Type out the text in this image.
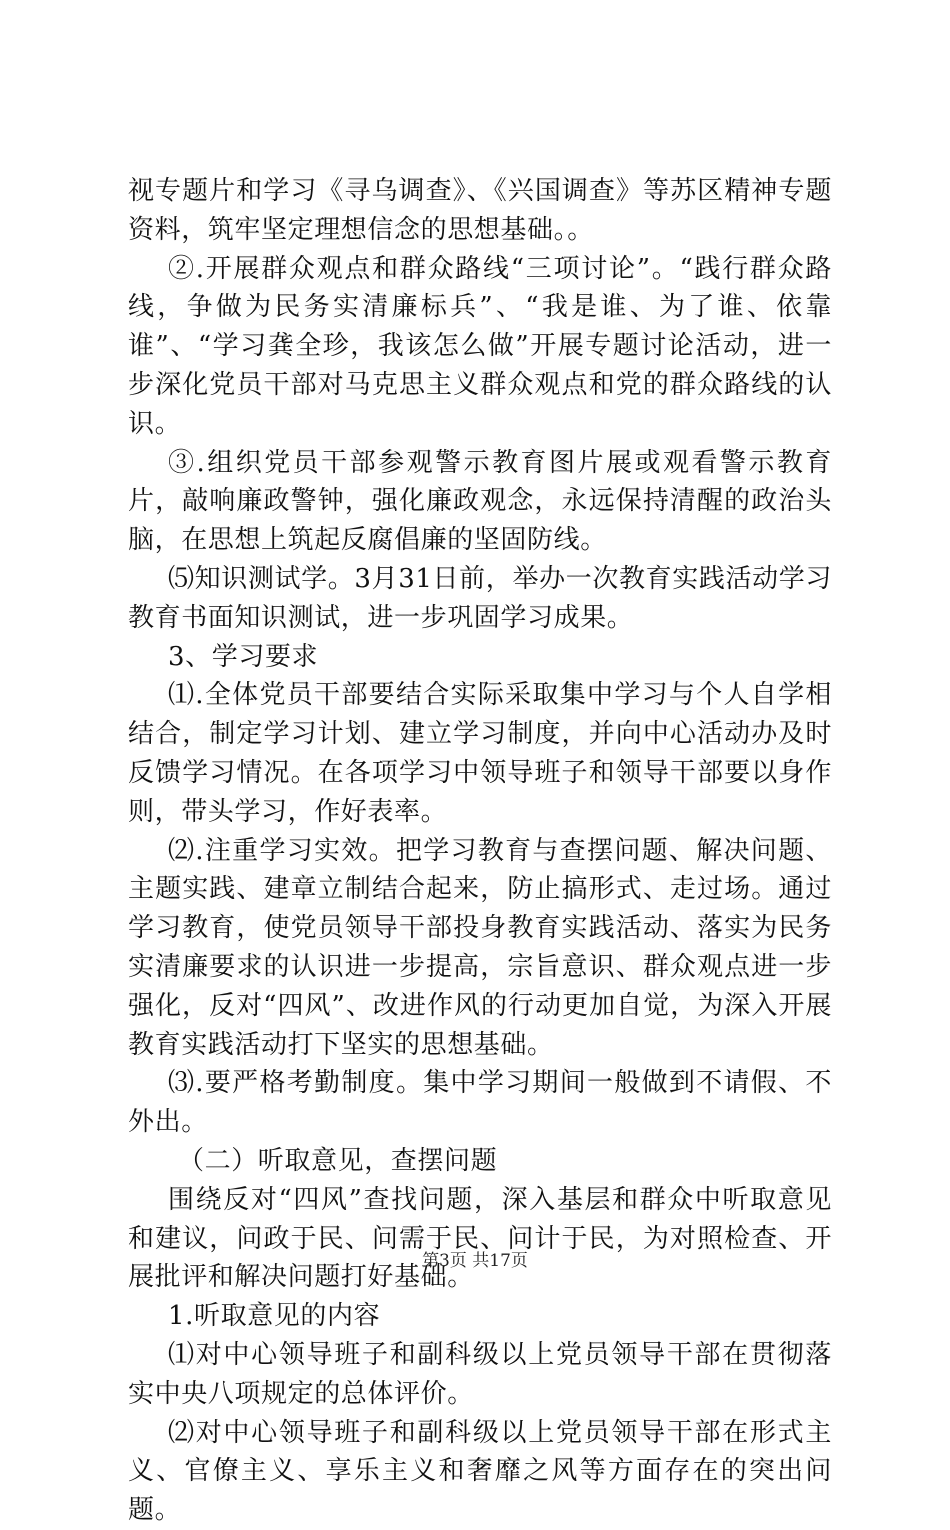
视专题片和学习《寻乌调查》、《兴国调查》等苏区精神专题资料，筑牢坚定理想信念的思想基础。。

②.开展群众观点和群众路线“三项讨论”。“践行群众路线，争做为民务实清廉标兵”、“我是谁、为了谁、依靠谁”、“学习龚全珍，我该怎么做”开展专题讨论活动，进一步深化党员干部对马克思主义群众观点和党的群众路线的认识。

③.组织党员干部参观警示教育图片展或观看警示教育片，敲响廉政警钟，强化廉政观念，永远保持清醒的政治头脑，在思想上筑起反腐倡廉的坚固防线。

⑸知识测试学。3月31日前，举办一次教育实践活动学习教育书面知识测试，进一步巩固学习成果。

3、学习要求

⑴.全体党员干部要结合实际采取集中学习与个人自学相结合，制定学习计划、建立学习制度，并向中心活动办及时反馈学习情况。在各项学习中领导班子和领导干部要以身作则，带头学习，作好表率。

⑵.注重学习实效。把学习教育与查摆问题、解决问题、主题实践、建章立制结合起来，防止搞形式、走过场。通过学习教育，使党员领导干部投身教育实践活动、落实为民务实清廉要求的认识进一步提高，宗旨意识、群众观点进一步强化，反对“四风”、改进作风的行动更加自觉，为深入开展教育实践活动打下坚实的思想基础。

⑶.要严格考勤制度。集中学习期间一般做到不请假、不外出。

（二）听取意见，查摆问题

围绕反对“四风”查找问题，深入基层和群众中听取意见和建议，问政于民、问需于民、问计于民，为对照检查、开展批评和解决问题打好基础。

1.听取意见的内容

⑴对中心领导班子和副科级以上党员领导干部在贯彻落实中央八项规定的总体评价。

⑵对中心领导班子和副科级以上党员领导干部在形式主义、官僚主义、享乐主义和奢靡之风等方面存在的突出问题。

第3页 共17页
